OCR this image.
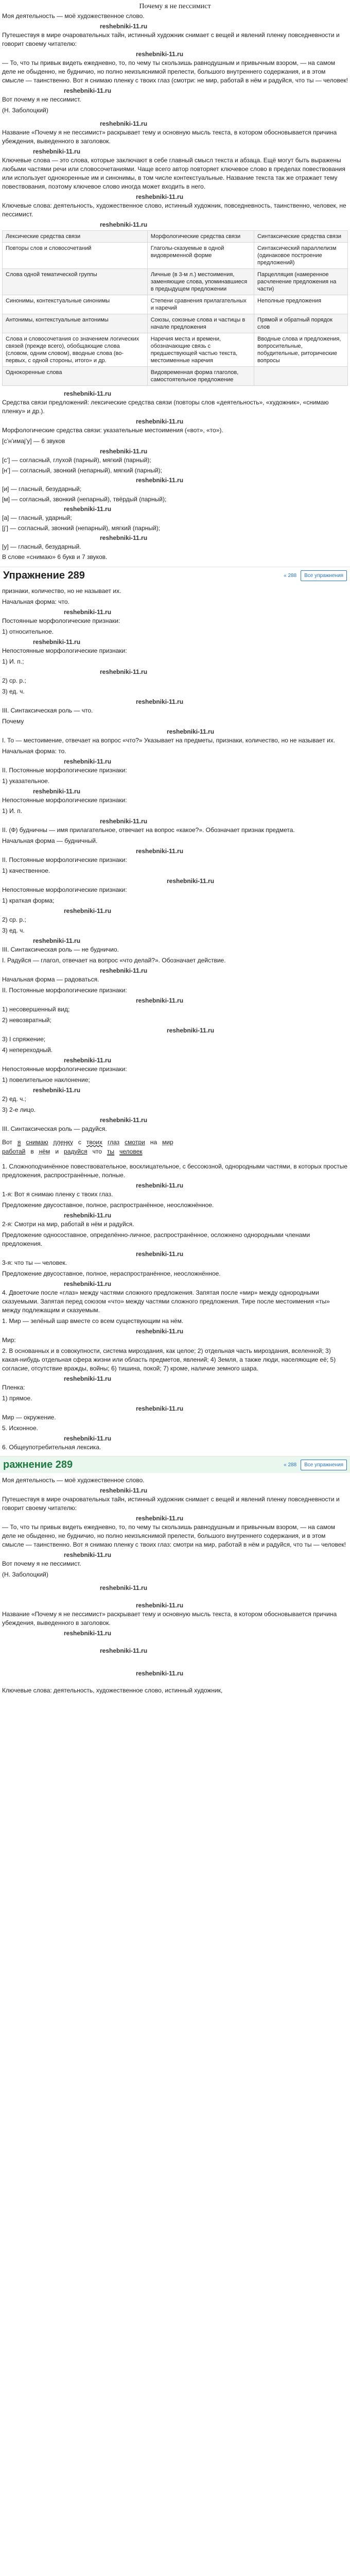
Почему я не пессимист
Моя деятельность — моё художественное слово.
reshebniki-11.ru
Путешествуя в мире очаровательных тайн, истинный художник снимает с вещей и явлений пленку повседневности и говорит своему читателю:
reshebniki-11.ru
— То, что ты привык видеть ежедневно, то, по чему ты скользишь равнодушным и привычным взором, — на самом деле не обыденно, не будничио, но полно неизъяснимой прелести, большого внутреннего содержания, и в этом смысле — таинственно. Вот я снимаю пленку с твоих глаз (смотри: не мир, работай в нём и радуйся, что ты — человек!
reshebniki-11.ru
Вот почему я не пессимист.
(Н. Заболоцкий)
reshebniki-11.ru
Название «Почему я не пессимист» раскрывает тему и основную мысль текста, в котором обосновывается причина убеждения, выведенного в заголовок.
reshebniki-11.ru
Ключевые слова — это слова, которые заключают в себе главный смысл текста и абзаца. Ещё могут быть выражены любыми частями речи или словосочетаниями. Чаще всего автор повторяет ключевое слово в пределах повествования или использует однокоренные им и синонимы, в том числе контекстуальные. Название текста так же отражает тему повествования, поэтому ключевое слово иногда может входить в него.
reshebniki-11.ru
Ключевые слова: деятельность, художественное слово, истинный художник, повседневность, таинственно, человек, не пессимист.
reshebniki-11.ru
Лексические средства связи	Морфологические средства связи	Синтаксические средства связи
Повторы слов и словосочетаний	Глаголы-сказуемые в одной видовременной форме	Синтаксический параллелизм (одинаковое построение предложений)
Слова одной тематической группы	Личные (в 3-м л.) местоимения, заменяющие слова, упоминавшиеся в предыдущем предложении	Парцелляция (намеренное расчленение предложения на части)
Синонимы, контекстуальные синонимы	Степени сравнения прилагательных и наречий	Неполные предложения
Антонимы, контекстуальные антонимы	Союзы, союзные слова и частицы в начале предложения	Прямой и обратный порядок слов
Слова и словосочетания со значением логических связей (прежде всего), обобщающие слова (словом, одним словом), вводные слова (во-первых, с одной стороны, итого» и др.	Наречия места и времени, обозначающие связь с предшествующей частью текста, местоименные наречия	Вводные слова и предложения, вопросительные, побудительные, риторические вопросы
Однокоренные слова	Видовременная форма глаголов, самостоятельное предложение	
reshebniki-11.ru
Средства связи предложений: лексические средства связи (повторы слов «деятельность», «художник», «снимаю пленку» и др.).
reshebniki-11.ru
Морфологические средства связи: указательные местоимения («вот», «то»).
[с’н’имаj’у] — 6 звуков
reshebniki-11.ru
[с’] — согласный, глухой (парный), мягкий (парный);
[н’] — согласный, звонкий (непарный), мягкий (парный);
reshebniki-11.ru
[и] — гласный, безударный;
[м] — согласный, звонкий (непарный), твёрдый (парный);
reshebniki-11.ru
[а] — гласный, ударный;
[j’] — согласный, звонкий (непарный), мягкий (парный);
reshebniki-11.ru
[у] — гласный, безударный.
В слове «снимаю» 6 букв и 7 звуков.
Упражнение 289	« 288	Все упражнения
признаки, количество, но не называет их.
Начальная форма: что.
reshebniki-11.ru
Постоянные морфологические признаки:
1) относительное.
reshebniki-11.ru
Непостоянные морфологические признаки:
1) И. п.;
reshebniki-11.ru
2) ср. р.;
3) ед. ч.
reshebniki-11.ru
III. Синтаксическая роль — что.
Почему
reshebniki-11.ru
I. То — местоимение, отвечает на вопрос «что?» Указывает на предметы, признаки, количество, но не называет их.
Начальная форма: то.
reshebniki-11.ru
II. Постоянные морфологические признаки:
1) указательное.
reshebniki-11.ru
Непостоянные морфологические признаки:
1) И. п.
reshebniki-11.ru
II. (Ф) будничны — имя прилагательное, отвечает на вопрос «какое?». Обозначает признак предмета.
Начальная форма — будничный.
reshebniki-11.ru
II. Постоянные морфологические признаки:
1) качественное.
reshebniki-11.ru
Непостоянные морфологические признаки:
1) краткая форма;
reshebniki-11.ru
2) ср. р.;
3) ед. ч.
reshebniki-11.ru
III. Синтаксическая роль — не будничио.
I. Радуйся — глагол, отвечает на вопрос «что делай?». Обозначает действие.
reshebniki-11.ru
Начальная форма — радоваться.
II. Постоянные морфологические признаки:
reshebniki-11.ru
1) несовершенный вид;
2) невозвратный;
reshebniki-11.ru
3) I спряжение;
4) непереходный.
reshebniki-11.ru
Непостоянные морфологические признаки:
1) повелительное наклонение;
reshebniki-11.ru
2) ед. ч.;
3) 2-е лицо.
reshebniki-11.ru
III. Синтаксическая роль — радуйся.
Вот я снимаю пленку с твоих глаз смотри на мир
работай в нём и радуйся что ты человек
1. Сложноподчинённое повествовательное, восклицательное, с бессоюзной, однородными частями, в которых простые предложения, распространённые, полные.
reshebniki-11.ru
1-я: Вот я снимаю пленку с твоих глаз.
Предложение двусоставное, полное, распространённое, неосложнённое.
reshebniki-11.ru
2-я: Смотри на мир, работай в нём и радуйся.
Предложение односоставное, определённо-личное, распространённое, осложнено однородными членами предложения.
reshebniki-11.ru
3-я: что ты — человек.
Предложение двусоставное, полное, нераспространённое, неосложнённое.
reshebniki-11.ru
4. Двоеточие после «глаз» между частями сложного предложения. Запятая после «мир» между однородными сказуемыми. Запятая перед союзом «что» между частями сложного предложения. Тире после местоимения «ты» между подлежащим и сказуемым.
1. Мир — зелёный шар вместе со всем существующим на нём.
reshebniki-11.ru
Мир:
2. В основанных и в совокупности, система мироздания, как целое; 2) отдельная часть мироздания, вселенной; 3) какая-нибудь отдельная сфера жизни или область предметов, явлений; 4) Земля, а также люди, населяющие её; 5) согласие, отсутствие вражды, войны; 6) тишина, покой; 7) кроме, наличие земного шара.
reshebniki-11.ru
Пленка:
1) прямое.
reshebniki-11.ru
Мир — окружение.
5. Исконное.
reshebniki-11.ru
6. Общеупотребительная лексика.
ражнение 289	« 288	Все упражнения
Моя деятельность — моё художественное слово.
reshebniki-11.ru
Путешествуя в мире очаровательных тайн, истинный художник снимает с вещей и явлений пленку повседневности и говорит своему читателю:
reshebniki-11.ru
— То, что ты привык видеть ежедневно, то, по чему ты скользишь равнодушным и привычным взором, — на самом деле не обыденно, не будничио, но полно неизъяснимой прелести, большого внутреннего содержания, и в этом смысле — таинственно. Вот я снимаю пленку с твоих глаз: смотри на мир, работай в нём и радуйся, что ты — человек!
reshebniki-11.ru
Вот почему я не пессимист.
(Н. Заболоцкий)
reshebniki-11.ru
reshebniki-11.ru
Название «Почему я не пессимист» раскрывает тему и основную мысль текста, в котором обосновывается причина убеждения, выведенного в заголовок.
reshebniki-11.ru
reshebniki-11.ru
reshebniki-11.ru
Ключевые слова: деятельность, художественное слово, истинный художник,
